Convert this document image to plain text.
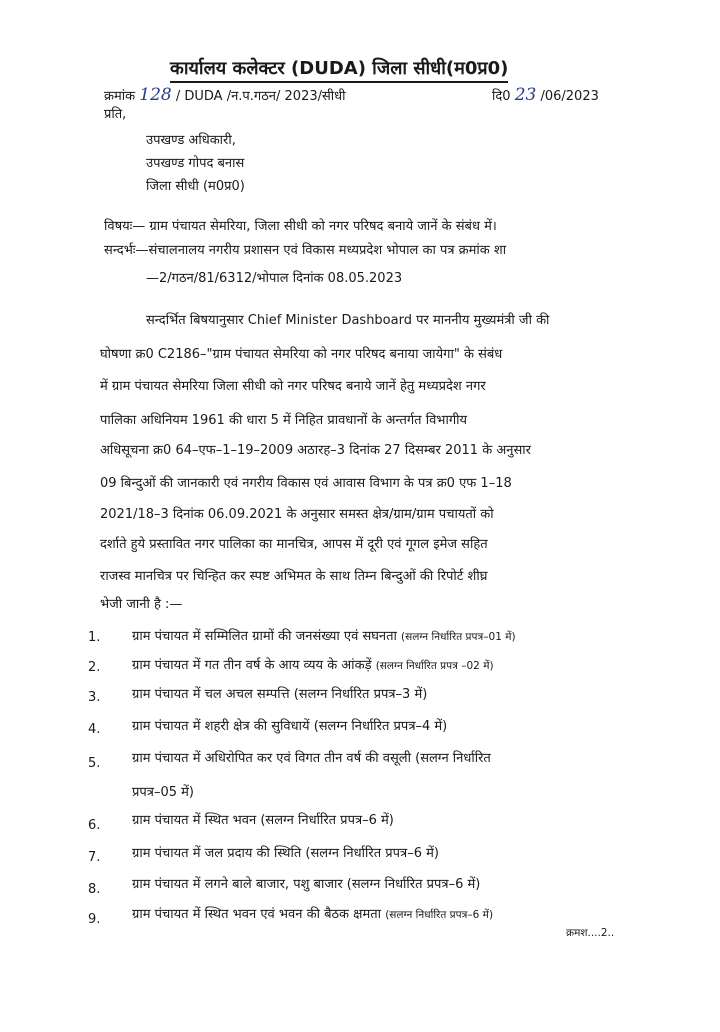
कार्यालय कलेक्टर (DUDA) जिला सीधी(म0प्र0)
क्रमांक 128 / DUDA /न.प.गठन/ 2023/सीधी	दि0 23 /06/2023
प्रति,
उपखण्ड अधिकारी,
उपखण्ड गोपद बनास
जिला सीधी (म0प्र0)
विषयः— ग्राम पंचायत सेमरिया, जिला सीधी को नगर परिषद बनाये जानें के संबंध में।
सन्दर्भः—संचालनालय नगरीय प्रशासन एवं विकास मध्यप्रदेश भोपाल का पत्र क्रमांक शा
—2/गठन/81/6312/भोपाल दिनांक 08.05.2023
सन्दर्भित बिषयानुसार Chief Minister Dashboard पर माननीय मुख्यमंत्री जी की
घोषणा क्र0 C2186–"ग्राम पंचायत सेमरिया को नगर परिषद बनाया जायेगा" के संबंध
में ग्राम पंचायत सेमरिया जिला सीधी को नगर परिषद बनाये जानें हेतु मध्यप्रदेश नगर
पालिका अधिनियम 1961 की धारा 5 में निहित प्रावधानों के अन्तर्गत विभागीय
अधिसूचना क्र0 64–एफ–1–19–2009 अठारह–3 दिनांक 27 दिसम्बर 2011 के अनुसार
09 बिन्दुओं की जानकारी एवं नगरीय विकास एवं आवास विभाग के पत्र क्र0 एफ 1–18
2021/18–3 दिनांक 06.09.2021 के अनुसार समस्त क्षेत्र/ग्राम/ग्राम पचायतों को
दर्शाते हुये प्रस्तावित नगर पालिका का मानचित्र, आपस में दूरी एवं गूगल इमेज सहित
राजस्व मानचित्र पर चिन्हित कर स्पष्ट अभिमत के साथ तिम्न बिन्दुओं की रिपोर्ट शीघ्र
भेजी जानी है :—
1. ग्राम पंचायत में सम्मिलित ग्रामों की जनसंख्या एवं सघनता (सलग्न निर्धारित प्रपत्र–01 में)
2. ग्राम पंचायत में गत तीन वर्ष के आय व्यय के आंकड़ें (सलग्न निर्धारित प्रपत्र –02 में)
3. ग्राम पंचायत में चल अचल सम्पत्ति (सलग्न निर्धारित प्रपत्र–3 में)
4. ग्राम पंचायत में शहरी क्षेत्र की सुविधायें (सलग्न निर्धारित प्रपत्र–4 में)
5. ग्राम पंचायत में अधिरोपित कर एवं विगत तीन वर्ष की वसूली (सलग्न निर्धारित
प्रपत्र–05 में)
6. ग्राम पंचायत में स्थित भवन (सलग्न निर्धारित प्रपत्र–6 में)
7. ग्राम पंचायत में जल प्रदाय की स्थिति (सलग्न निर्धारित प्रपत्र–6 में)
8. ग्राम पंचायत में लगने बाले बाजार, पशु बाजार (सलग्न निर्धारित प्रपत्र–6 में)
9. ग्राम पंचायत में स्थित भवन एवं भवन की बैठक क्षमता (सलग्न निर्धारित प्रपत्र–6 में)
क्रमश....2..
